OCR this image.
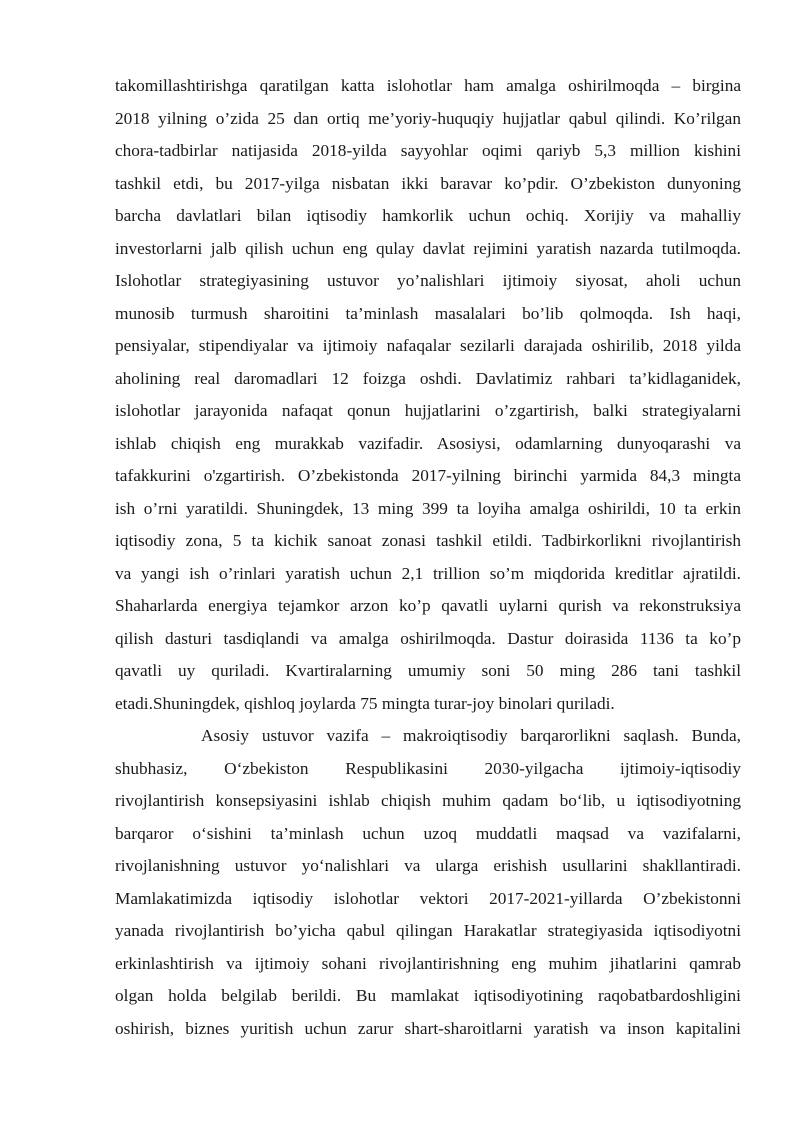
takomillashtirishga qaratilgan katta islohotlar ham amalga oshirilmoqda – birgina
2018 yilning o’zida 25 dan ortiq me’yoriy-huquqiy hujjatlar qabul qilindi. Ko’rilgan
chora-tadbirlar natijasida 2018-yilda sayyohlar oqimi qariyb 5,3 million kishini
tashkil etdi, bu 2017-yilga nisbatan ikki baravar ko’pdir. O’zbekiston dunyoning
barcha davlatlari bilan iqtisodiy hamkorlik uchun ochiq. Xorijiy va mahalliy
investorlarni jalb qilish uchun eng qulay davlat rejimini yaratish nazarda tutilmoqda.
Islohotlar strategiyasining ustuvor yo’nalishlari ijtimoiy siyosat, aholi uchun
munosib turmush sharoitini ta’minlash masalalari bo’lib qolmoqda. Ish haqi,
pensiyalar, stipendiyalar va ijtimoiy nafaqalar sezilarli darajada oshirilib, 2018 yilda
aholining real daromadlari 12 foizga oshdi. Davlatimiz rahbari ta’kidlaganidek,
islohotlar jarayonida nafaqat qonun hujjatlarini o’zgartirish, balki strategiyalarni
ishlab chiqish eng murakkab vazifadir. Asosiysi, odamlarning dunyoqarashi va
tafakkurini o'zgartirish. O’zbekistonda 2017-yilning birinchi yarmida 84,3 mingta
ish o’rni yaratildi. Shuningdek, 13 ming 399 ta loyiha amalga oshirildi, 10 ta erkin
iqtisodiy zona, 5 ta kichik sanoat zonasi tashkil etildi. Tadbirkorlikni rivojlantirish
va yangi ish o’rinlari yaratish uchun 2,1 trillion so’m miqdorida kreditlar ajratildi.
Shaharlarda energiya tejamkor arzon ko’p qavatli uylarni qurish va rekonstruksiya
qilish dasturi tasdiqlandi va amalga oshirilmoqda. Dastur doirasida 1136 ta ko’p
qavatli uy quriladi. Kvartiralarning umumiy soni 50 ming 286 tani tashkil
etadi.Shuningdek, qishloq joylarda 75 mingta turar-joy binolari quriladi.
Asosiy ustuvor vazifa – makroiqtisodiy barqarorlikni saqlash. Bunda,
shubhasiz, O‘zbekiston Respublikasini 2030-yilgacha ijtimoiy-iqtisodiy
rivojlantirish konsepsiyasini ishlab chiqish muhim qadam bo‘lib, u iqtisodiyotning
barqaror o‘sishini ta’minlash uchun uzoq muddatli maqsad va vazifalarni,
rivojlanishning ustuvor yo‘nalishlari va ularga erishish usullarini shakllantiradi.
Mamlakatimizda iqtisodiy islohotlar vektori 2017-2021-yillarda O’zbekistonni
yanada rivojlantirish bo’yicha qabul qilingan Harakatlar strategiyasida iqtisodiyotni
erkinlashtirish va ijtimoiy sohani rivojlantirishning eng muhim jihatlarini qamrab
olgan holda belgilab berildi. Bu mamlakat iqtisodiyotining raqobatbardoshligini
oshirish, biznes yuritish uchun zarur shart-sharoitlarni yaratish va inson kapitalini
